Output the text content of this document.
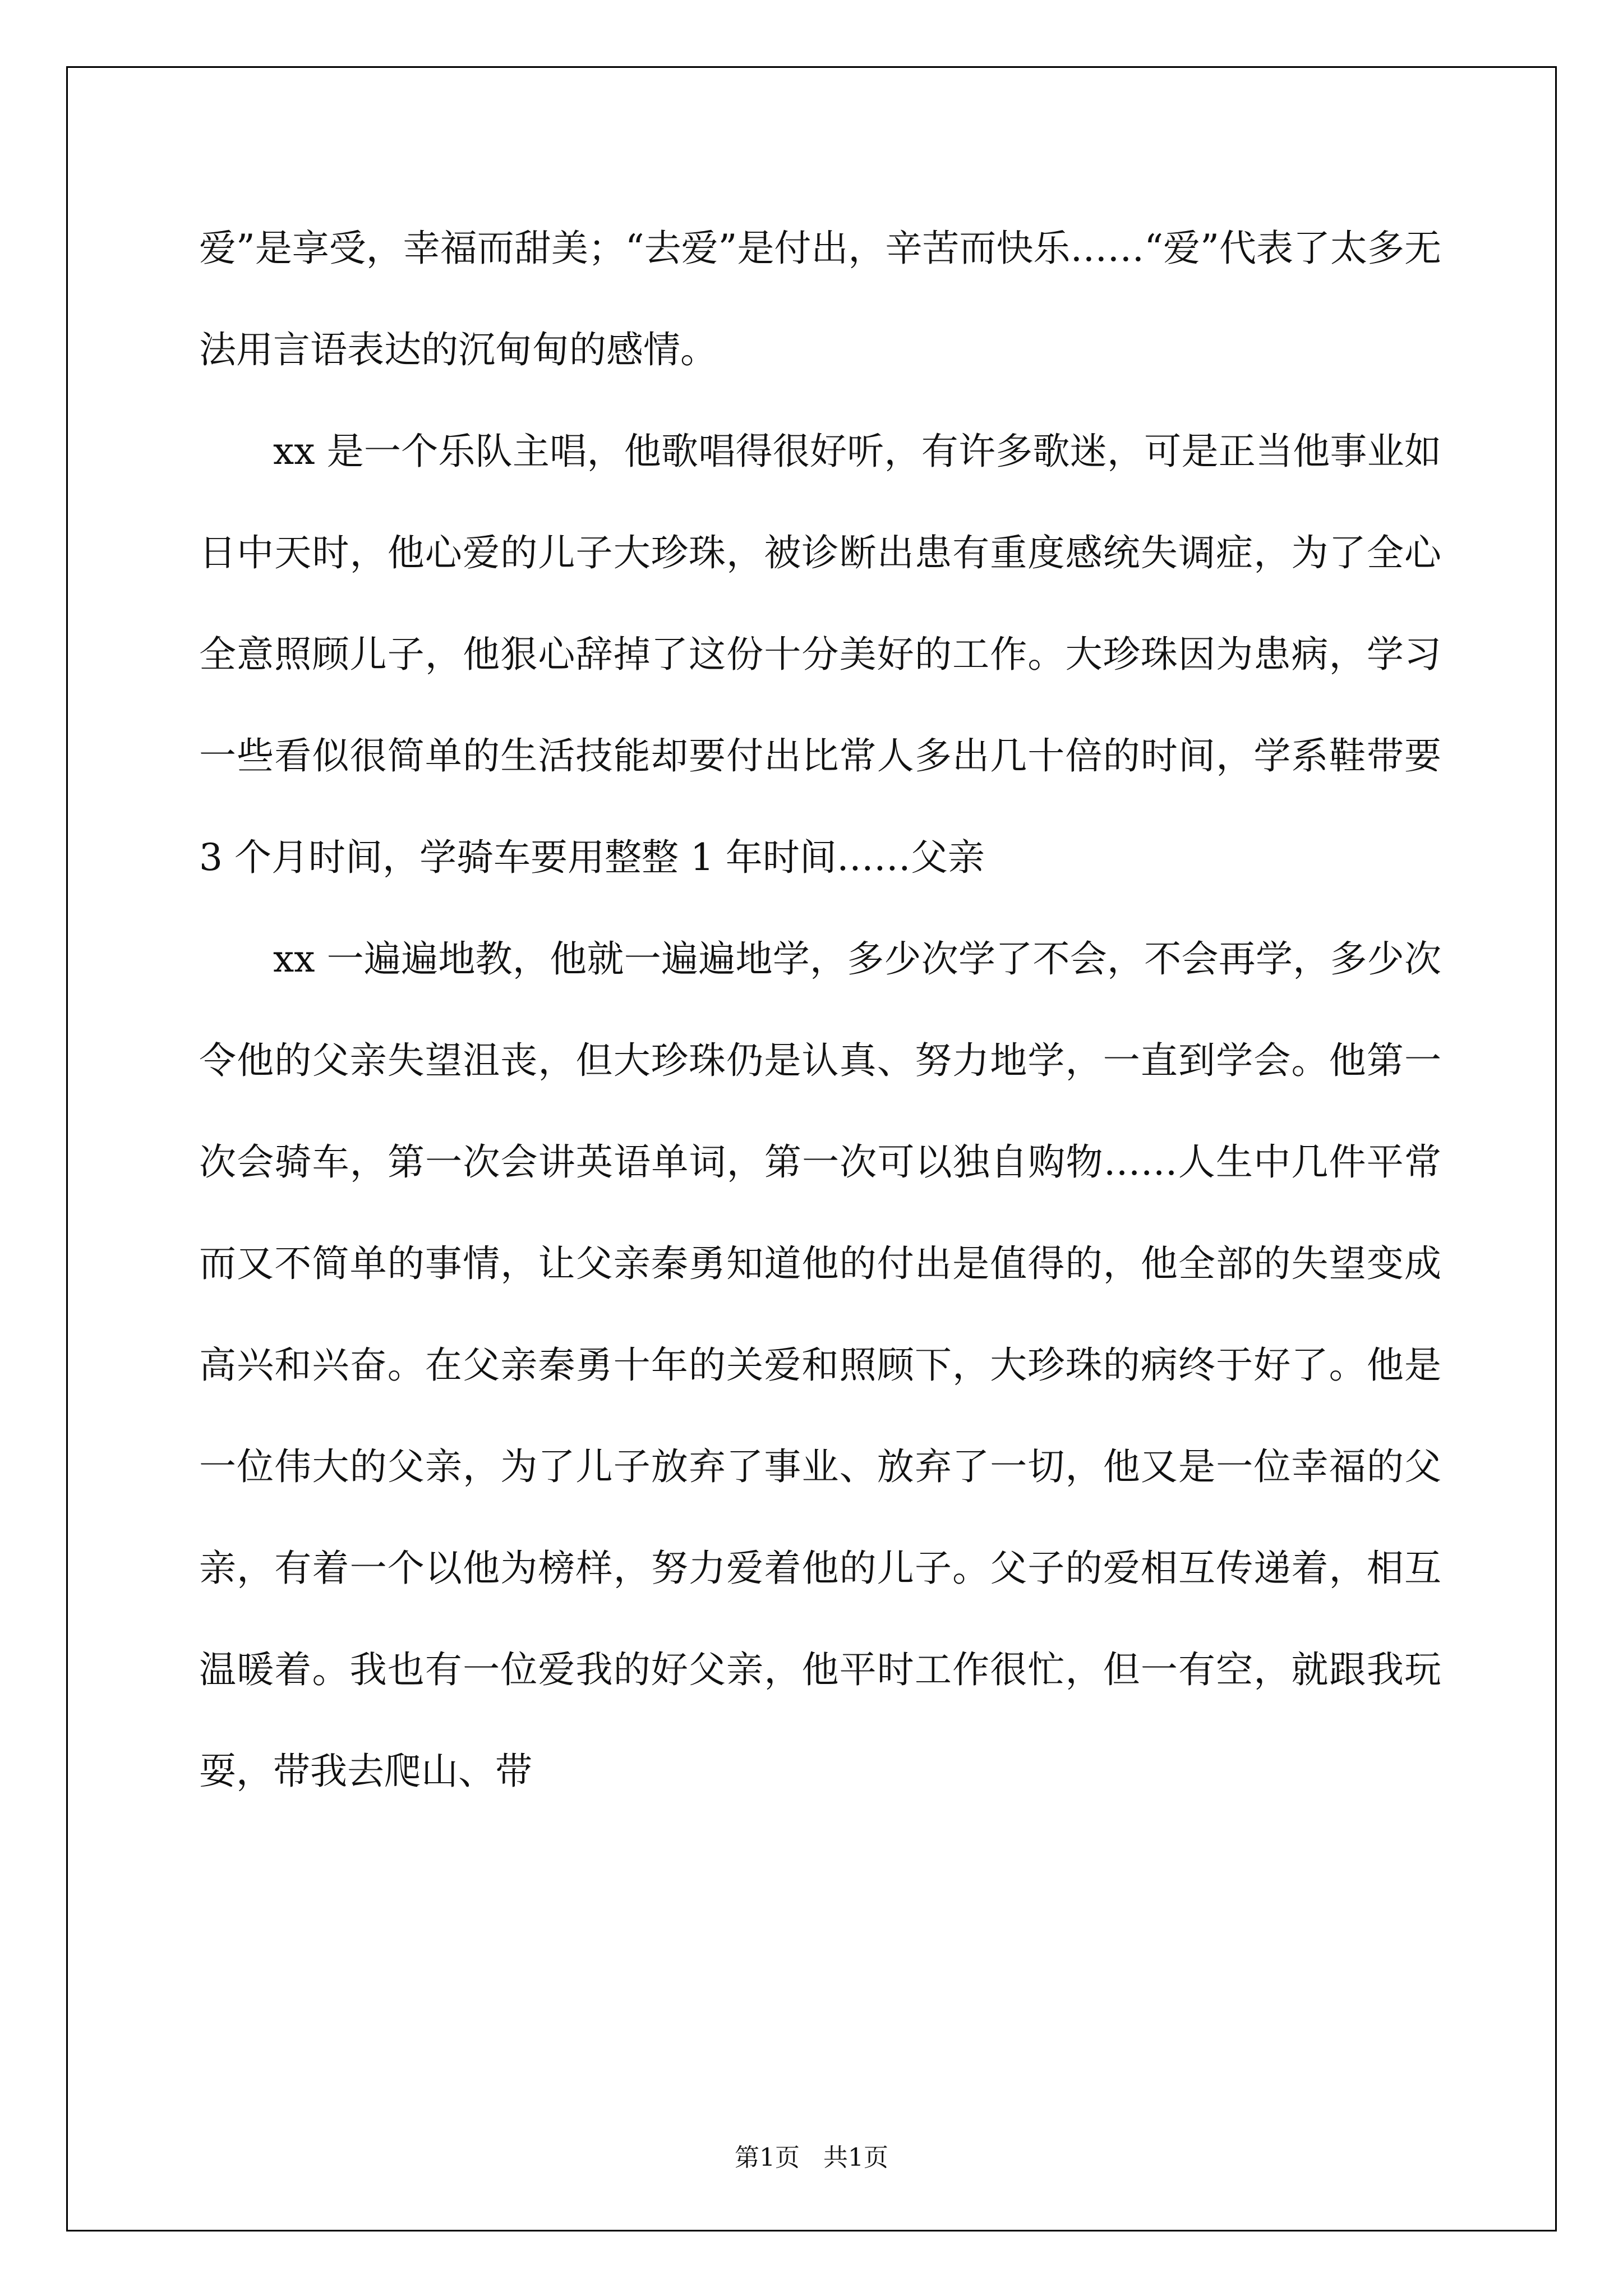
爱”是享受，幸福而甜美；“去爱”是付出，辛苦而快乐……“爱”代表了太多无法用言语表达的沉甸甸的感情。

xx 是一个乐队主唱，他歌唱得很好听，有许多歌迷，可是正当他事业如日中天时，他心爱的儿子大珍珠，被诊断出患有重度感统失调症，为了全心全意照顾儿子，他狠心辞掉了这份十分美好的工作。大珍珠因为患病，学习一些看似很简单的生活技能却要付出比常人多出几十倍的时间，学系鞋带要 3 个月时间，学骑车要用整整 1 年时间……父亲

xx 一遍遍地教，他就一遍遍地学，多少次学了不会，不会再学，多少次令他的父亲失望沮丧，但大珍珠仍是认真、努力地学，一直到学会。他第一次会骑车，第一次会讲英语单词，第一次可以独自购物……人生中几件平常而又不简单的事情，让父亲秦勇知道他的付出是值得的，他全部的失望变成高兴和兴奋。在父亲秦勇十年的关爱和照顾下，大珍珠的病终于好了。他是一位伟大的父亲，为了儿子放弃了事业、放弃了一切，他又是一位幸福的父亲，有着一个以他为榜样，努力爱着他的儿子。父子的爱相互传递着，相互温暖着。我也有一位爱我的好父亲，他平时工作很忙，但一有空，就跟我玩耍，带我去爬山、带

第1页   共1页
